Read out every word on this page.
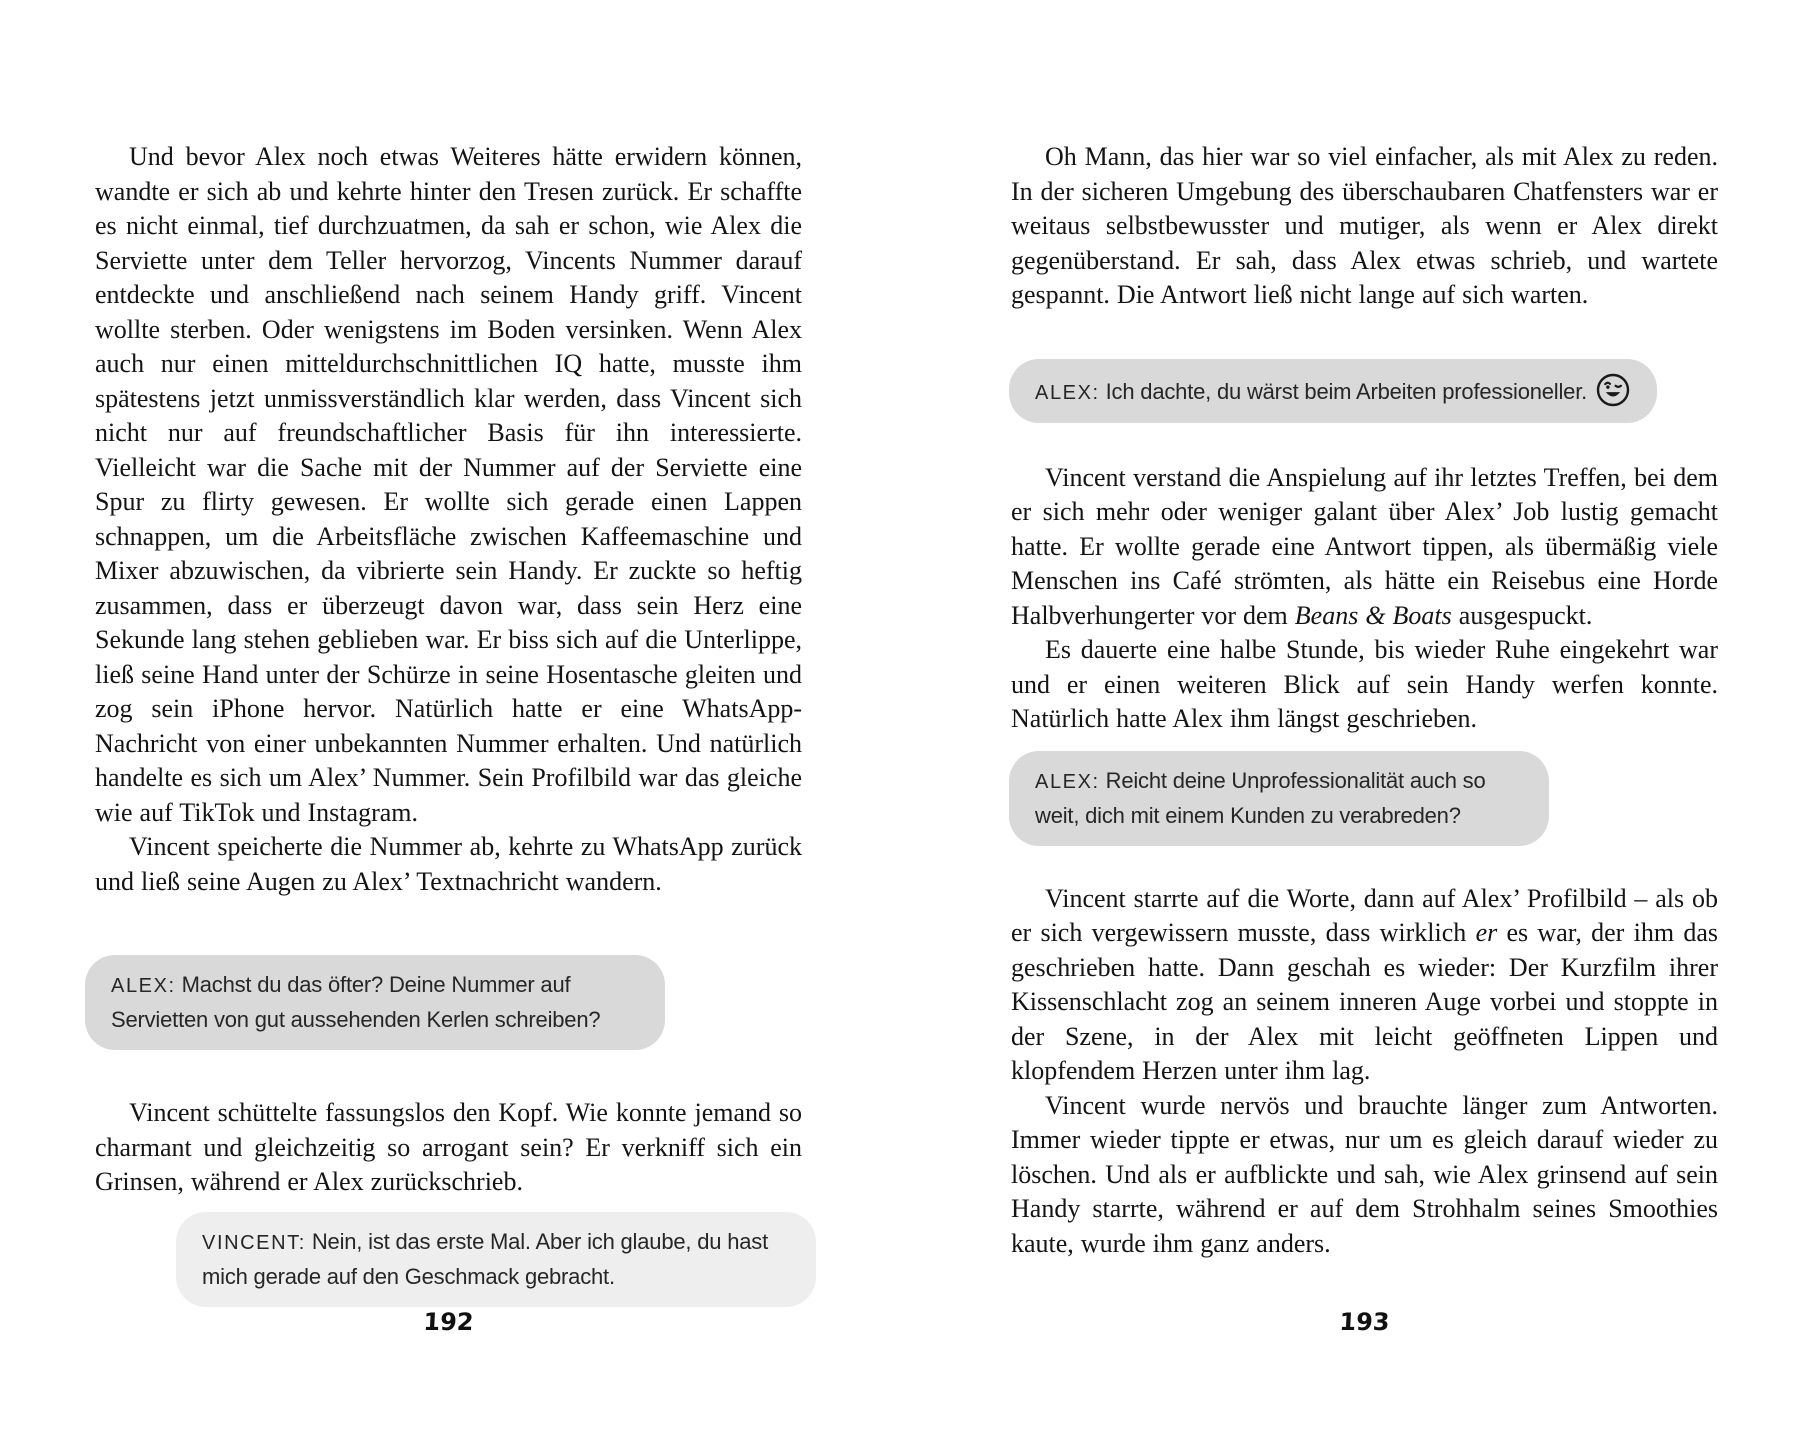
Und bevor Alex noch etwas Weiteres hätte erwidern können, wandte er sich ab und kehrte hinter den Tresen zurück. Er schaffte es nicht einmal, tief durchzuatmen, da sah er schon, wie Alex die Serviette unter dem Teller hervorzog, Vincents Nummer darauf entdeckte und anschließend nach seinem Handy griff. Vincent wollte sterben. Oder wenigstens im Boden versinken. Wenn Alex auch nur einen mitteldurchschnittlichen IQ hatte, musste ihm spätestens jetzt unmissverständlich klar werden, dass Vincent sich nicht nur auf freundschaftlicher Basis für ihn interessierte. Vielleicht war die Sache mit der Nummer auf der Serviette eine Spur zu flirty gewesen. Er wollte sich gerade einen Lappen schnappen, um die Arbeitsfläche zwischen Kaffeemaschine und Mixer abzuwischen, da vibrierte sein Handy. Er zuckte so heftig zusammen, dass er überzeugt davon war, dass sein Herz eine Sekunde lang stehen geblieben war. Er biss sich auf die Unterlippe, ließ seine Hand unter der Schürze in seine Hosentasche gleiten und zog sein iPhone hervor. Natürlich hatte er eine WhatsApp-Nachricht von einer unbekannten Nummer erhalten. Und natürlich handelte es sich um Alex’ Nummer. Sein Profilbild war das gleiche wie auf TikTok und Instagram.

Vincent speicherte die Nummer ab, kehrte zu WhatsApp zurück und ließ seine Augen zu Alex’ Textnachricht wandern.

ALEX: Machst du das öfter? Deine Nummer auf Servietten von gut aussehenden Kerlen schreiben?

Vincent schüttelte fassungslos den Kopf. Wie konnte jemand so charmant und gleichzeitig so arrogant sein? Er verkniff sich ein Grinsen, während er Alex zurückschrieb.

VINCENT: Nein, ist das erste Mal. Aber ich glaube, du hast mich gerade auf den Geschmack gebracht.
192

Oh Mann, das hier war so viel einfacher, als mit Alex zu reden. In der sicheren Umgebung des überschaubaren Chatfensters war er weitaus selbstbewusster und mutiger, als wenn er Alex direkt gegenüberstand. Er sah, dass Alex etwas schrieb, und wartete gespannt. Die Antwort ließ nicht lange auf sich warten.

ALEX: Ich dachte, du wärst beim Arbeiten professioneller.

Vincent verstand die Anspielung auf ihr letztes Treffen, bei dem er sich mehr oder weniger galant über Alex’ Job lustig gemacht hatte. Er wollte gerade eine Antwort tippen, als übermäßig viele Menschen ins Café strömten, als hätte ein Reisebus eine Horde Halbverhungerter vor dem Beans & Boats ausgespuckt.

Es dauerte eine halbe Stunde, bis wieder Ruhe eingekehrt war und er einen weiteren Blick auf sein Handy werfen konnte. Natürlich hatte Alex ihm längst geschrieben.

ALEX: Reicht deine Unprofessionalität auch so weit, dich mit einem Kunden zu verabreden?

Vincent starrte auf die Worte, dann auf Alex’ Profilbild – als ob er sich vergewissern musste, dass wirklich er es war, der ihm das geschrieben hatte. Dann geschah es wieder: Der Kurzfilm ihrer Kissenschlacht zog an seinem inneren Auge vorbei und stoppte in der Szene, in der Alex mit leicht geöffneten Lippen und klopfendem Herzen unter ihm lag.

Vincent wurde nervös und brauchte länger zum Antworten. Immer wieder tippte er etwas, nur um es gleich darauf wieder zu löschen. Und als er aufblickte und sah, wie Alex grinsend auf sein Handy starrte, während er auf dem Strohhalm seines Smoothies kaute, wurde ihm ganz anders.

193
